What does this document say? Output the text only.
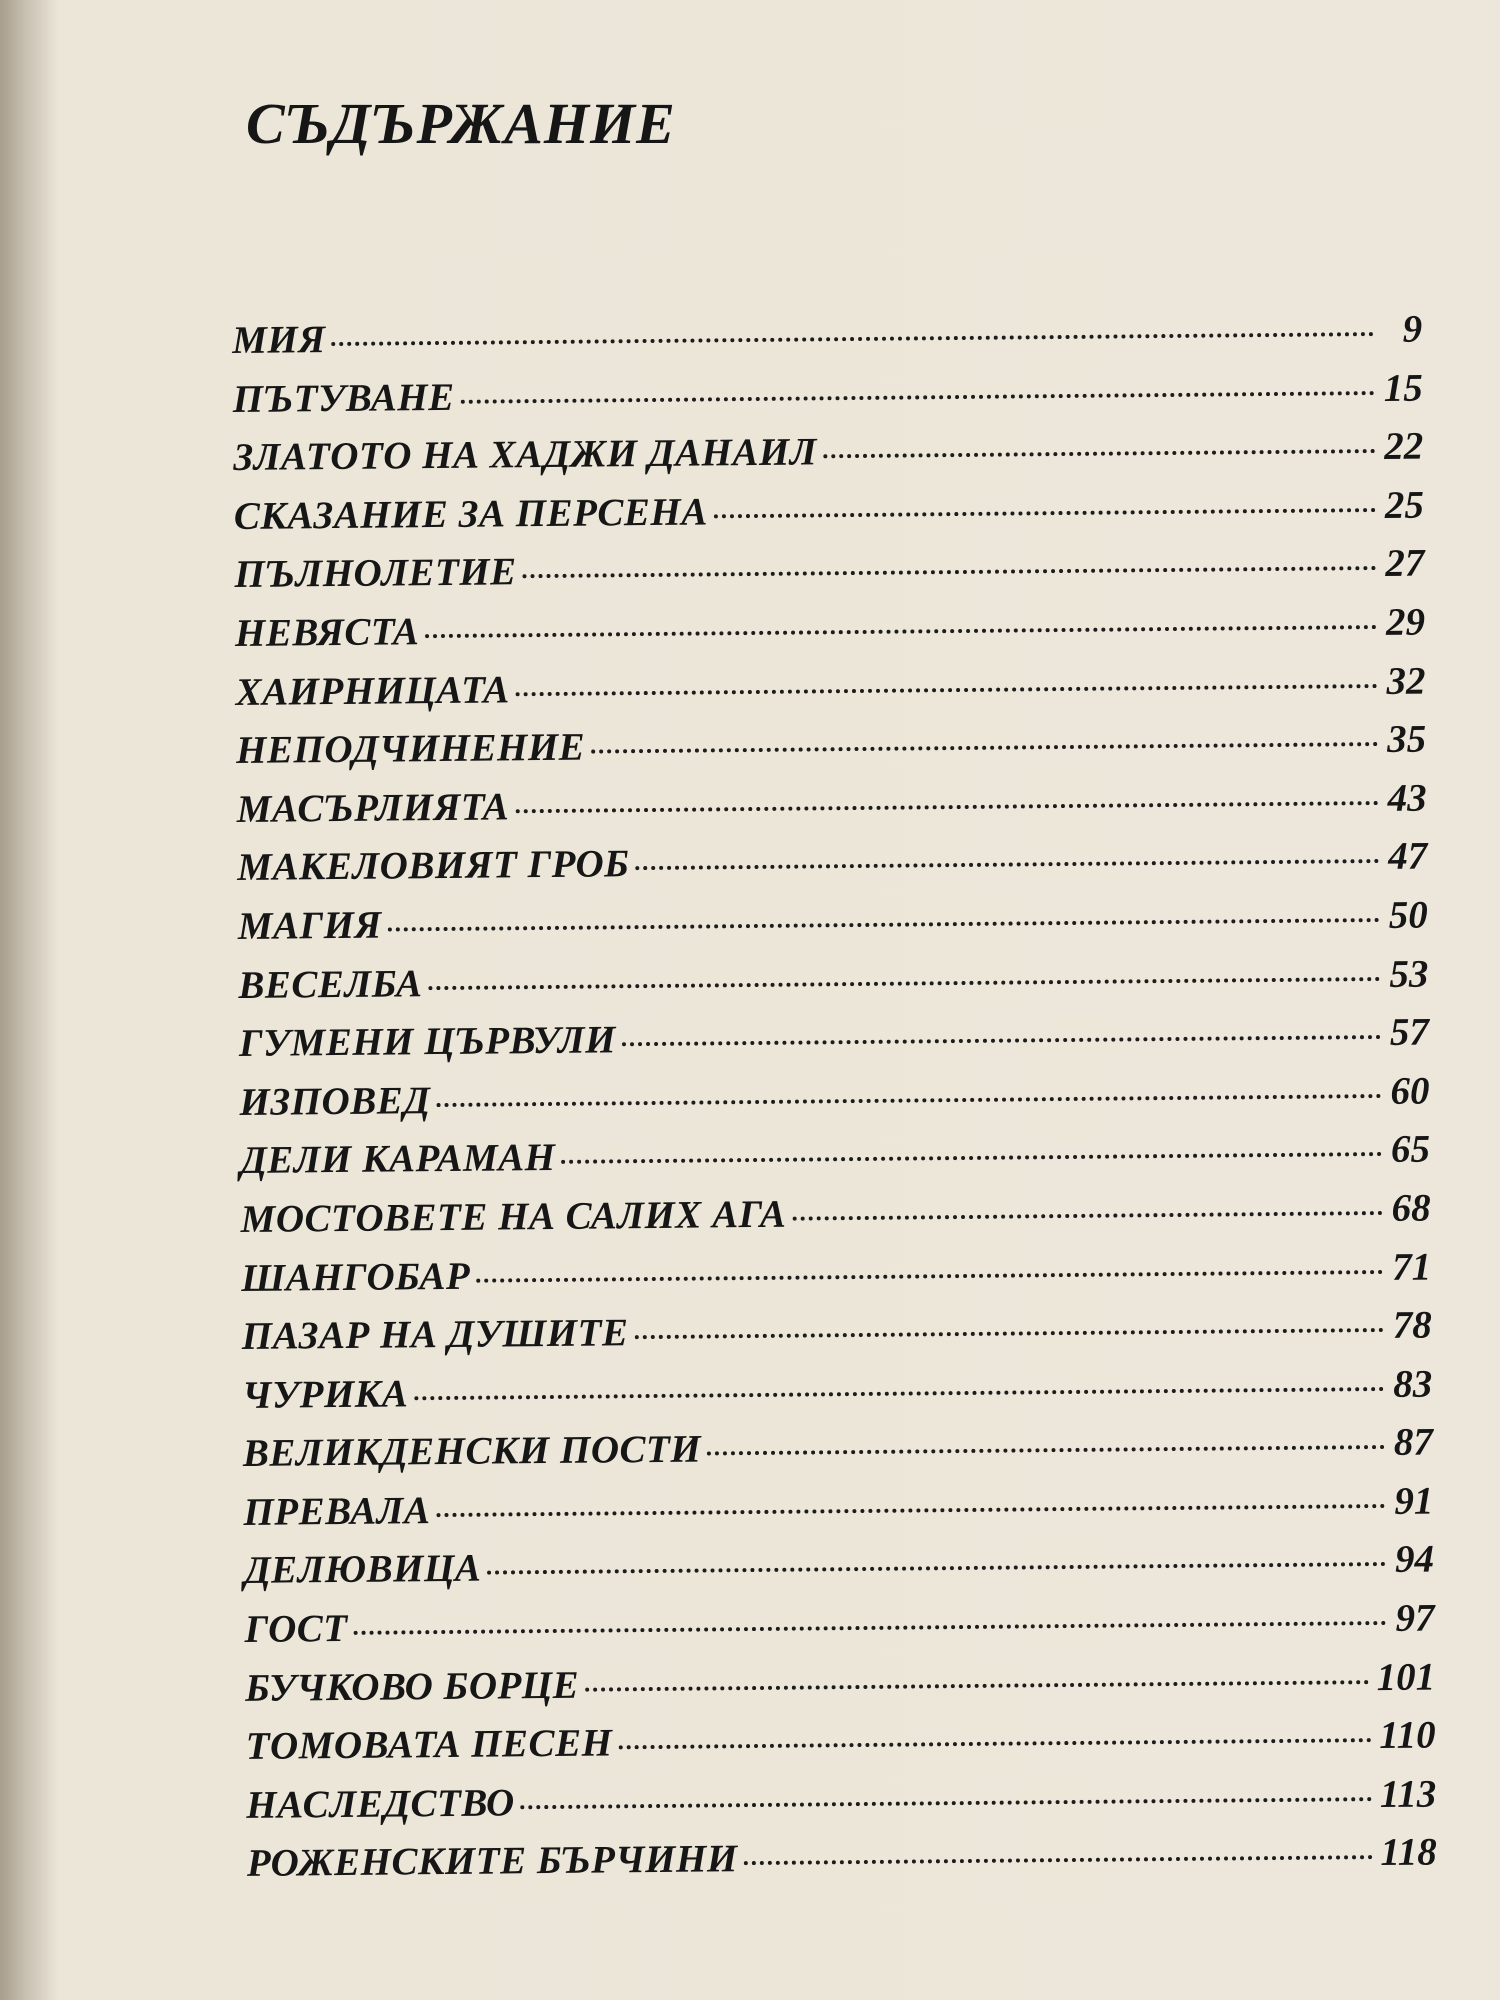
СЪДЪРЖАНИЕ
МИЯ	9
ПЪТУВАНЕ	15
ЗЛАТОТО НА ХАДЖИ ДАНАИЛ	22
СКАЗАНИЕ ЗА ПЕРСЕНА	25
ПЪЛНОЛЕТИЕ	27
НЕВЯСТА	29
ХАИРНИЦАТА	32
НЕПОДЧИНЕНИЕ	35
МАСЪРЛИЯТА	43
МАКЕЛОВИЯТ ГРОБ	47
МАГИЯ	50
ВЕСЕЛБА	53
ГУМЕНИ ЦЪРВУЛИ	57
ИЗПОВЕД	60
ДЕЛИ КАРАМАН	65
МОСТОВЕТЕ НА САЛИХ АГА	68
ШАНГОБАР	71
ПАЗАР НА ДУШИТЕ	78
ЧУРИКА	83
ВЕЛИКДЕНСКИ ПОСТИ	87
ПРЕВАЛА	91
ДЕЛЮВИЦА	94
ГОСТ	97
БУЧКОВО БОРЦЕ	101
ТОМОВАТА ПЕСЕН	110
НАСЛЕДСТВО	113
РОЖЕНСКИТЕ БЪРЧИНИ	118
